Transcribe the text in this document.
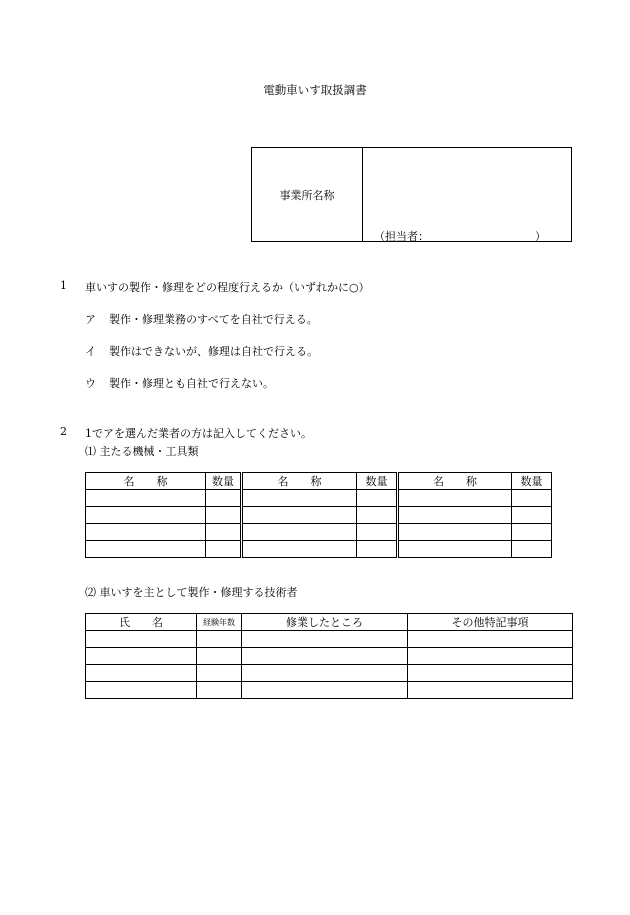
電動車いす取扱調書
事業所名称
（担当者：	）
1 車いすの製作・修理をどの程度行えるか（いずれかに○）
ア 製作・修理業務のすべてを自社で行える。
イ 製作はできないが、修理は自社で行える。
ウ 製作・修理とも自社で行えない。
2 1でアを選んだ業者の方は記入してください。
⑴ 主たる機械・工具類
名　　称	数量		名　　称	数量		名　　称	数量

⑵ 車いすを主として製作・修理する技術者
氏　　名	経験年数	修業したところ	その他特記事項
